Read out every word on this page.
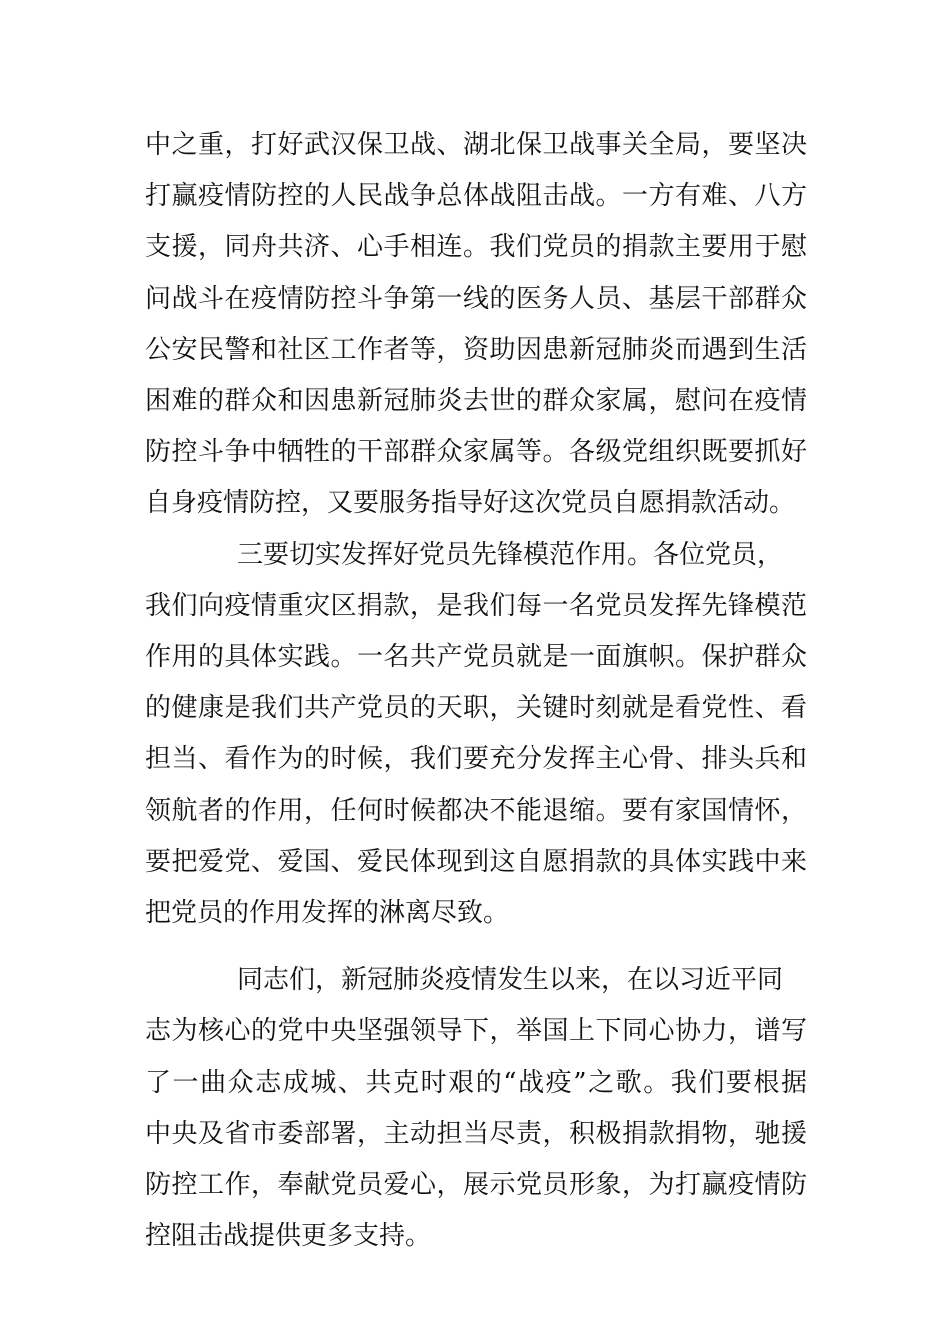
中之重，打好武汉保卫战、湖北保卫战事关全局，要坚决
打赢疫情防控的人民战争总体战阻击战。一方有难、八方
支援，同舟共济、心手相连。我们党员的捐款主要用于慰
问战斗在疫情防控斗争第一线的医务人员、基层干部群众
公安民警和社区工作者等，资助因患新冠肺炎而遇到生活
困难的群众和因患新冠肺炎去世的群众家属，慰问在疫情
防控斗争中牺牲的干部群众家属等。各级党组织既要抓好
自身疫情防控，又要服务指导好这次党员自愿捐款活动。

三要切实发挥好党员先锋模范作用。各位党员，
我们向疫情重灾区捐款，是我们每一名党员发挥先锋模范
作用的具体实践。一名共产党员就是一面旗帜。保护群众
的健康是我们共产党员的天职，关键时刻就是看党性、看
担当、看作为的时候，我们要充分发挥主心骨、排头兵和
领航者的作用，任何时候都决不能退缩。要有家国情怀，
要把爱党、爱国、爱民体现到这自愿捐款的具体实践中来
把党员的作用发挥的淋离尽致。

同志们，新冠肺炎疫情发生以来，在以习近平同
志为核心的党中央坚强领导下，举国上下同心协力，谱写
了一曲众志成城、共克时艰的“战疫”之歌。我们要根据
中央及省市委部署，主动担当尽责，积极捐款捐物，驰援
防控工作，奉献党员爱心，展示党员形象，为打赢疫情防
控阻击战提供更多支持。
